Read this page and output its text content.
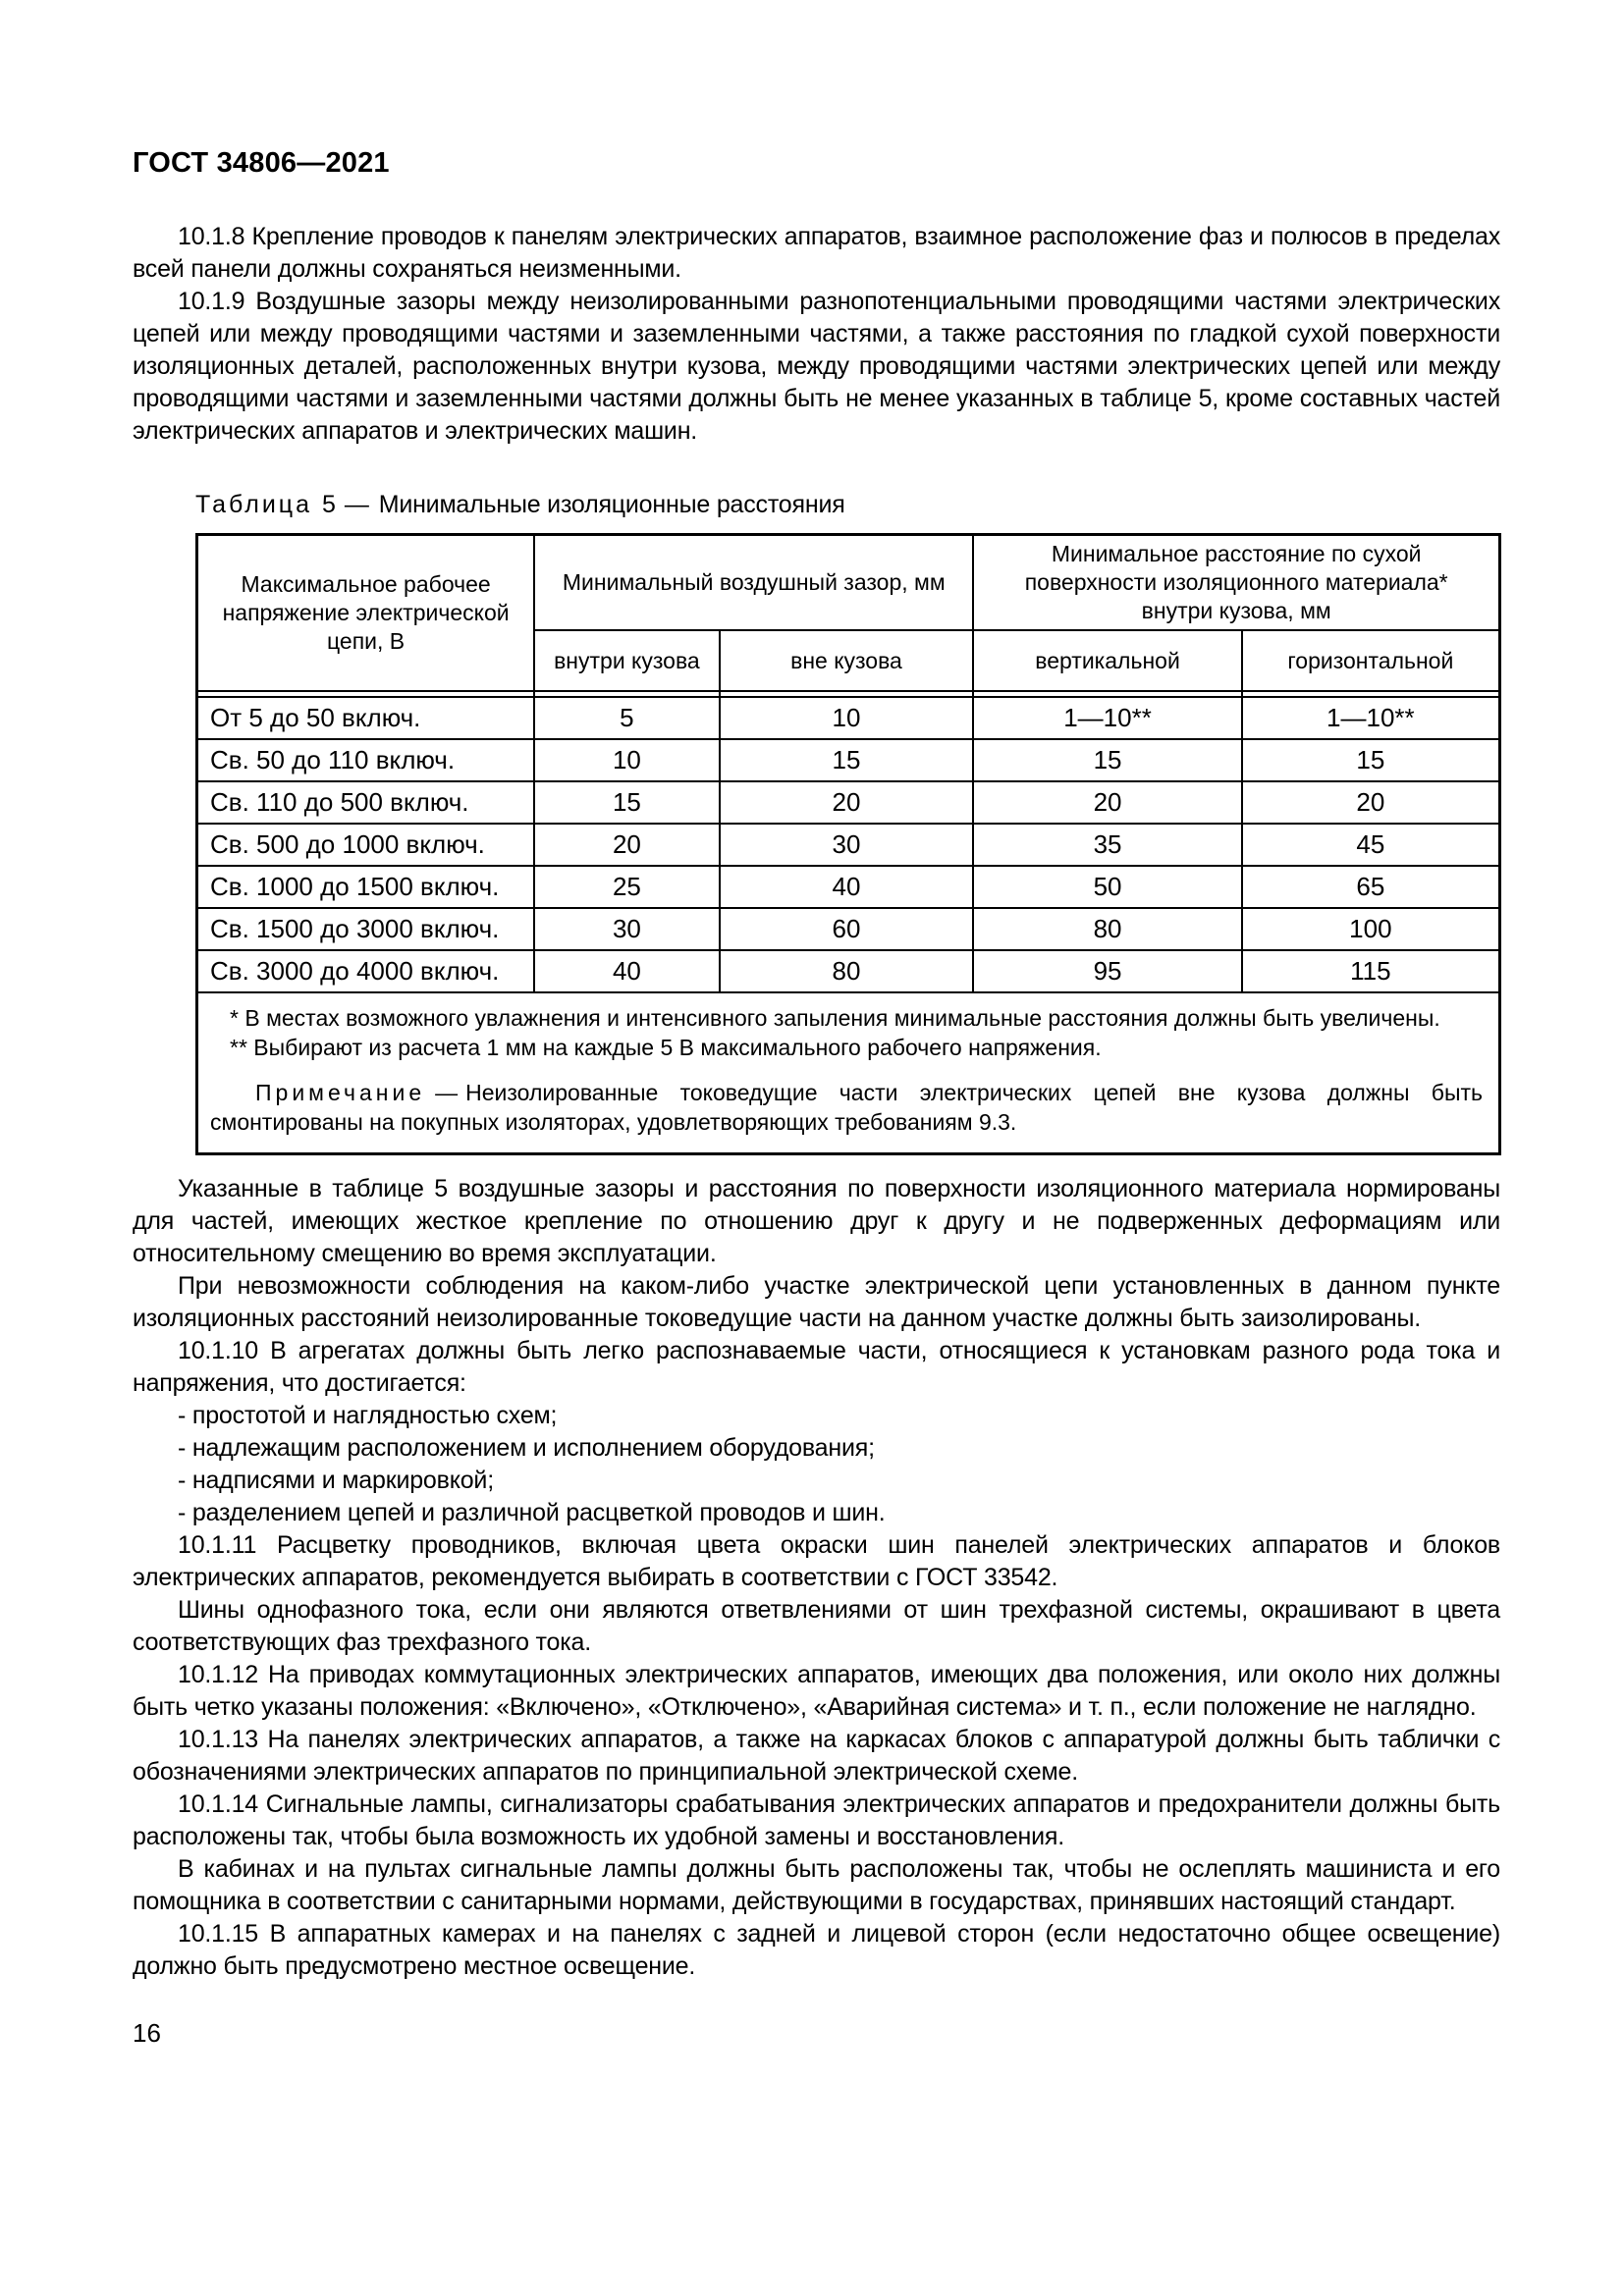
ГОСТ 34806—2021

10.1.8 Крепление проводов к панелям электрических аппаратов, взаимное расположение фаз и полюсов в пределах всей панели должны сохраняться неизменными.

10.1.9 Воздушные зазоры между неизолированными разнопотенциальными проводящими частями электрических цепей или между проводящими частями и заземленными частями, а также расстояния по гладкой сухой поверхности изоляционных деталей, расположенных внутри кузова, между проводящими частями электрических цепей или между проводящими частями и заземленными частями должны быть не менее указанных в таблице 5, кроме составных частей электрических аппаратов и электрических машин.

Таблица 5 — Минимальные изоляционные расстояния
Максимальное рабочее напряжение электрической цепи, В	Минимальный воздушный зазор, мм		Минимальное расстояние по сухой поверхности изоляционного материала* внутри кузова, мм	
	внутри кузова	вне кузова	вертикальной	горизонтальной

От 5 до 50 включ.	5	10	1—10**	1—10**
Св. 50 до 110 включ.	10	15	15	15
Св. 110 до 500 включ.	15	20	20	20
Св. 500 до 1000 включ.	20	30	35	45
Св. 1000 до 1500 включ.	25	40	50	65
Св. 1500 до 3000 включ.	30	60	80	100
Св. 3000 до 4000 включ.	40	80	95	115

* В местах возможного увлажнения и интенсивного запыления минимальные расстояния должны быть увеличены.

** Выбирают из расчета 1 мм на каждые 5 В максимального рабочего напряжения.

Примечание — Неизолированные токоведущие части электрических цепей вне кузова должны быть смонтированы на покупных изоляторах, удовлетворяющих требованиям 9.3.				

Указанные в таблице 5 воздушные зазоры и расстояния по поверхности изоляционного материала нормированы для частей, имеющих жесткое крепление по отношению друг к другу и не подверженных деформациям или относительному смещению во время эксплуатации.

При невозможности соблюдения на каком-либо участке электрической цепи установленных в данном пункте изоляционных расстояний неизолированные токоведущие части на данном участке должны быть заизолированы.

10.1.10 В агрегатах должны быть легко распознаваемые части, относящиеся к установкам разного рода тока и напряжения, что достигается:

- простотой и наглядностью схем;

- надлежащим расположением и исполнением оборудования;

- надписями и маркировкой;

- разделением цепей и различной расцветкой проводов и шин.

10.1.11 Расцветку проводников, включая цвета окраски шин панелей электрических аппаратов и блоков электрических аппаратов, рекомендуется выбирать в соответствии с ГОСТ 33542.

Шины однофазного тока, если они являются ответвлениями от шин трехфазной системы, окрашивают в цвета соответствующих фаз трехфазного тока.

10.1.12 На приводах коммутационных электрических аппаратов, имеющих два положения, или около них должны быть четко указаны положения: «Включено», «Отключено», «Аварийная система» и т. п., если положение не наглядно.

10.1.13 На панелях электрических аппаратов, а также на каркасах блоков с аппаратурой должны быть таблички с обозначениями электрических аппаратов по принципиальной электрической схеме.

10.1.14 Сигнальные лампы, сигнализаторы срабатывания электрических аппаратов и предохранители должны быть расположены так, чтобы была возможность их удобной замены и восстановления.

В кабинах и на пультах сигнальные лампы должны быть расположены так, чтобы не ослеплять машиниста и его помощника в соответствии с санитарными нормами, действующими в государствах, принявших настоящий стандарт.

10.1.15 В аппаратных камерах и на панелях с задней и лицевой сторон (если недостаточно общее освещение) должно быть предусмотрено местное освещение.

16
